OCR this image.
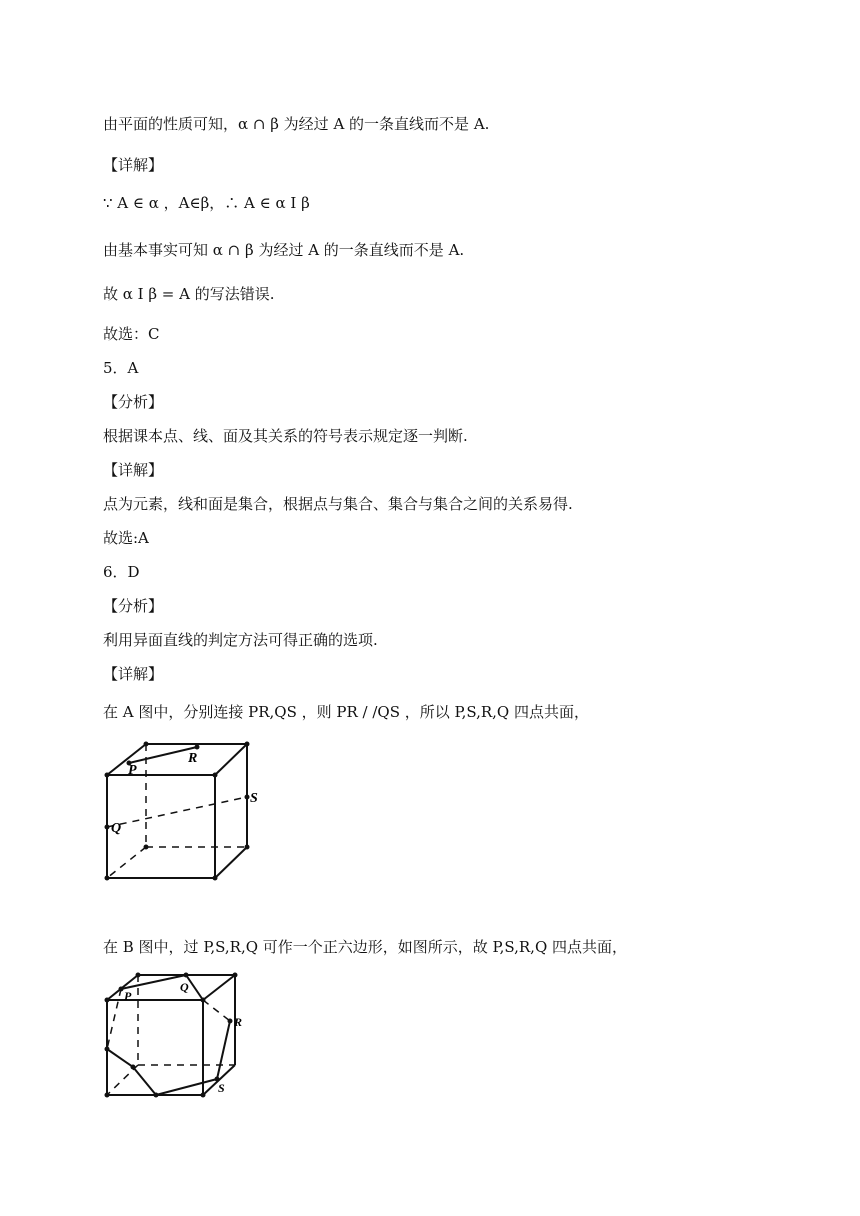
由平面的性质可知，α ∩ β 为经过 A 的一条直线而不是 A.
【详解】
∵ A ∈ α ，A∈β，∴ A ∈ α Ι β
由基本事实可知 α ∩ β 为经过 A 的一条直线而不是 A.
故 α Ι β = A 的写法错误.
故选：C
5．A
【分析】
根据课本点、线、面及其关系的符号表示规定逐一判断.
【详解】
点为元素，线和面是集合，根据点与集合、集合与集合之间的关系易得.
故选:A
6．D
【分析】
利用异面直线的判定方法可得正确的选项.
【详解】
在 A 图中，分别连接 PR,QS ，则 PR / /QS ，所以 P,S,R,Q 四点共面，
P
R
S
Q
在 B 图中，过 P,S,R,Q 可作一个正六边形，如图所示，故 P,S,R,Q 四点共面，
P
Q
R
S
